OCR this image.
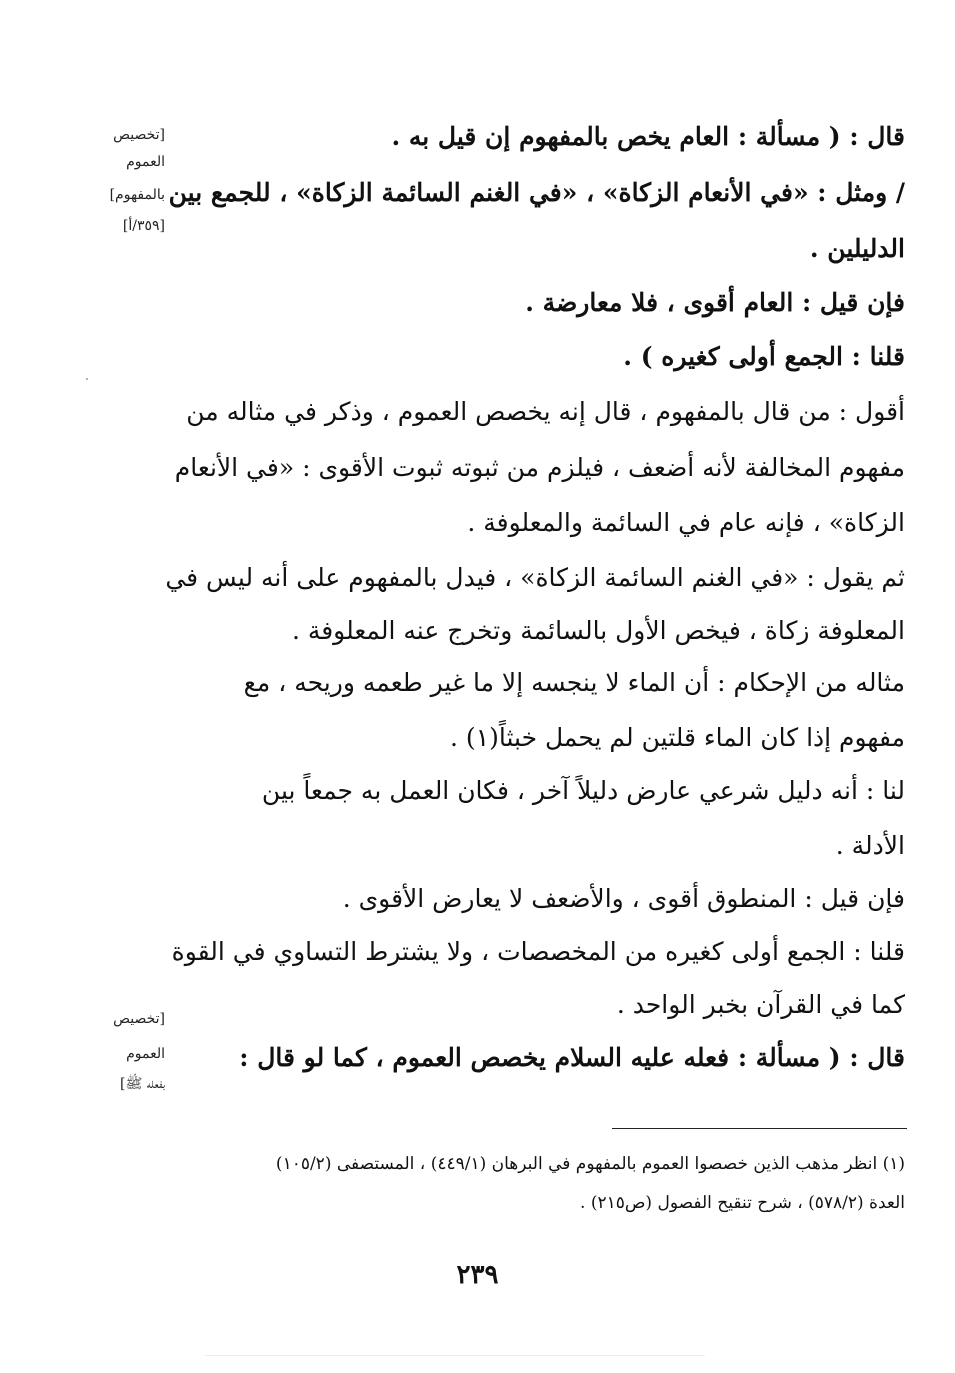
قال : ( مسألة : العام يخص بالمفهوم إن قيل به .
/ ومثل : «في الأنعام الزكاة» ، «في الغنم السائمة الزكاة» ، للجمع بين
الدليلين .
فإن قيل : العام أقوى ، فلا معارضة .
قلنا : الجمع أولى كغيره ) .
أقول : من قال بالمفهوم ، قال إنه يخصص العموم ، وذكر في مثاله من
مفهوم المخالفة لأنه أضعف ، فيلزم من ثبوته ثبوت الأقوى : «في الأنعام
الزكاة» ، فإنه عام في السائمة والمعلوفة .
ثم يقول : «في الغنم السائمة الزكاة» ، فيدل بالمفهوم على أنه ليس في
المعلوفة زكاة ، فيخص الأول بالسائمة وتخرج عنه المعلوفة .
مثاله من الإحكام : أن الماء لا ينجسه إلا ما غير طعمه وريحه ، مع
مفهوم إذا كان الماء قلتين لم يحمل خبثاً(١) .
لنا : أنه دليل شرعي عارض دليلاً آخر ، فكان العمل به جمعاً بين
الأدلة .
فإن قيل : المنطوق أقوى ، والأضعف لا يعارض الأقوى .
قلنا : الجمع أولى كغيره من المخصصات ، ولا يشترط التساوي في القوة
كما في القرآن بخبر الواحد .
قال : ( مسألة : فعله عليه السلام يخصص العموم ، كما لو قال :
[تخصيص
العموم
بالمفهوم]
[٣٥٩/أ]
[تخصيص
العموم
بفعله ﷺ]
(١) انظر مذهب الذين خصصوا العموم بالمفهوم في البرهان (٤٤٩/١) ، المستصفى (١٠٥/٢)
العدة (٥٧٨/٢) ، شرح تنقيح الفصول (ص٢١٥) .
٢٣٩
